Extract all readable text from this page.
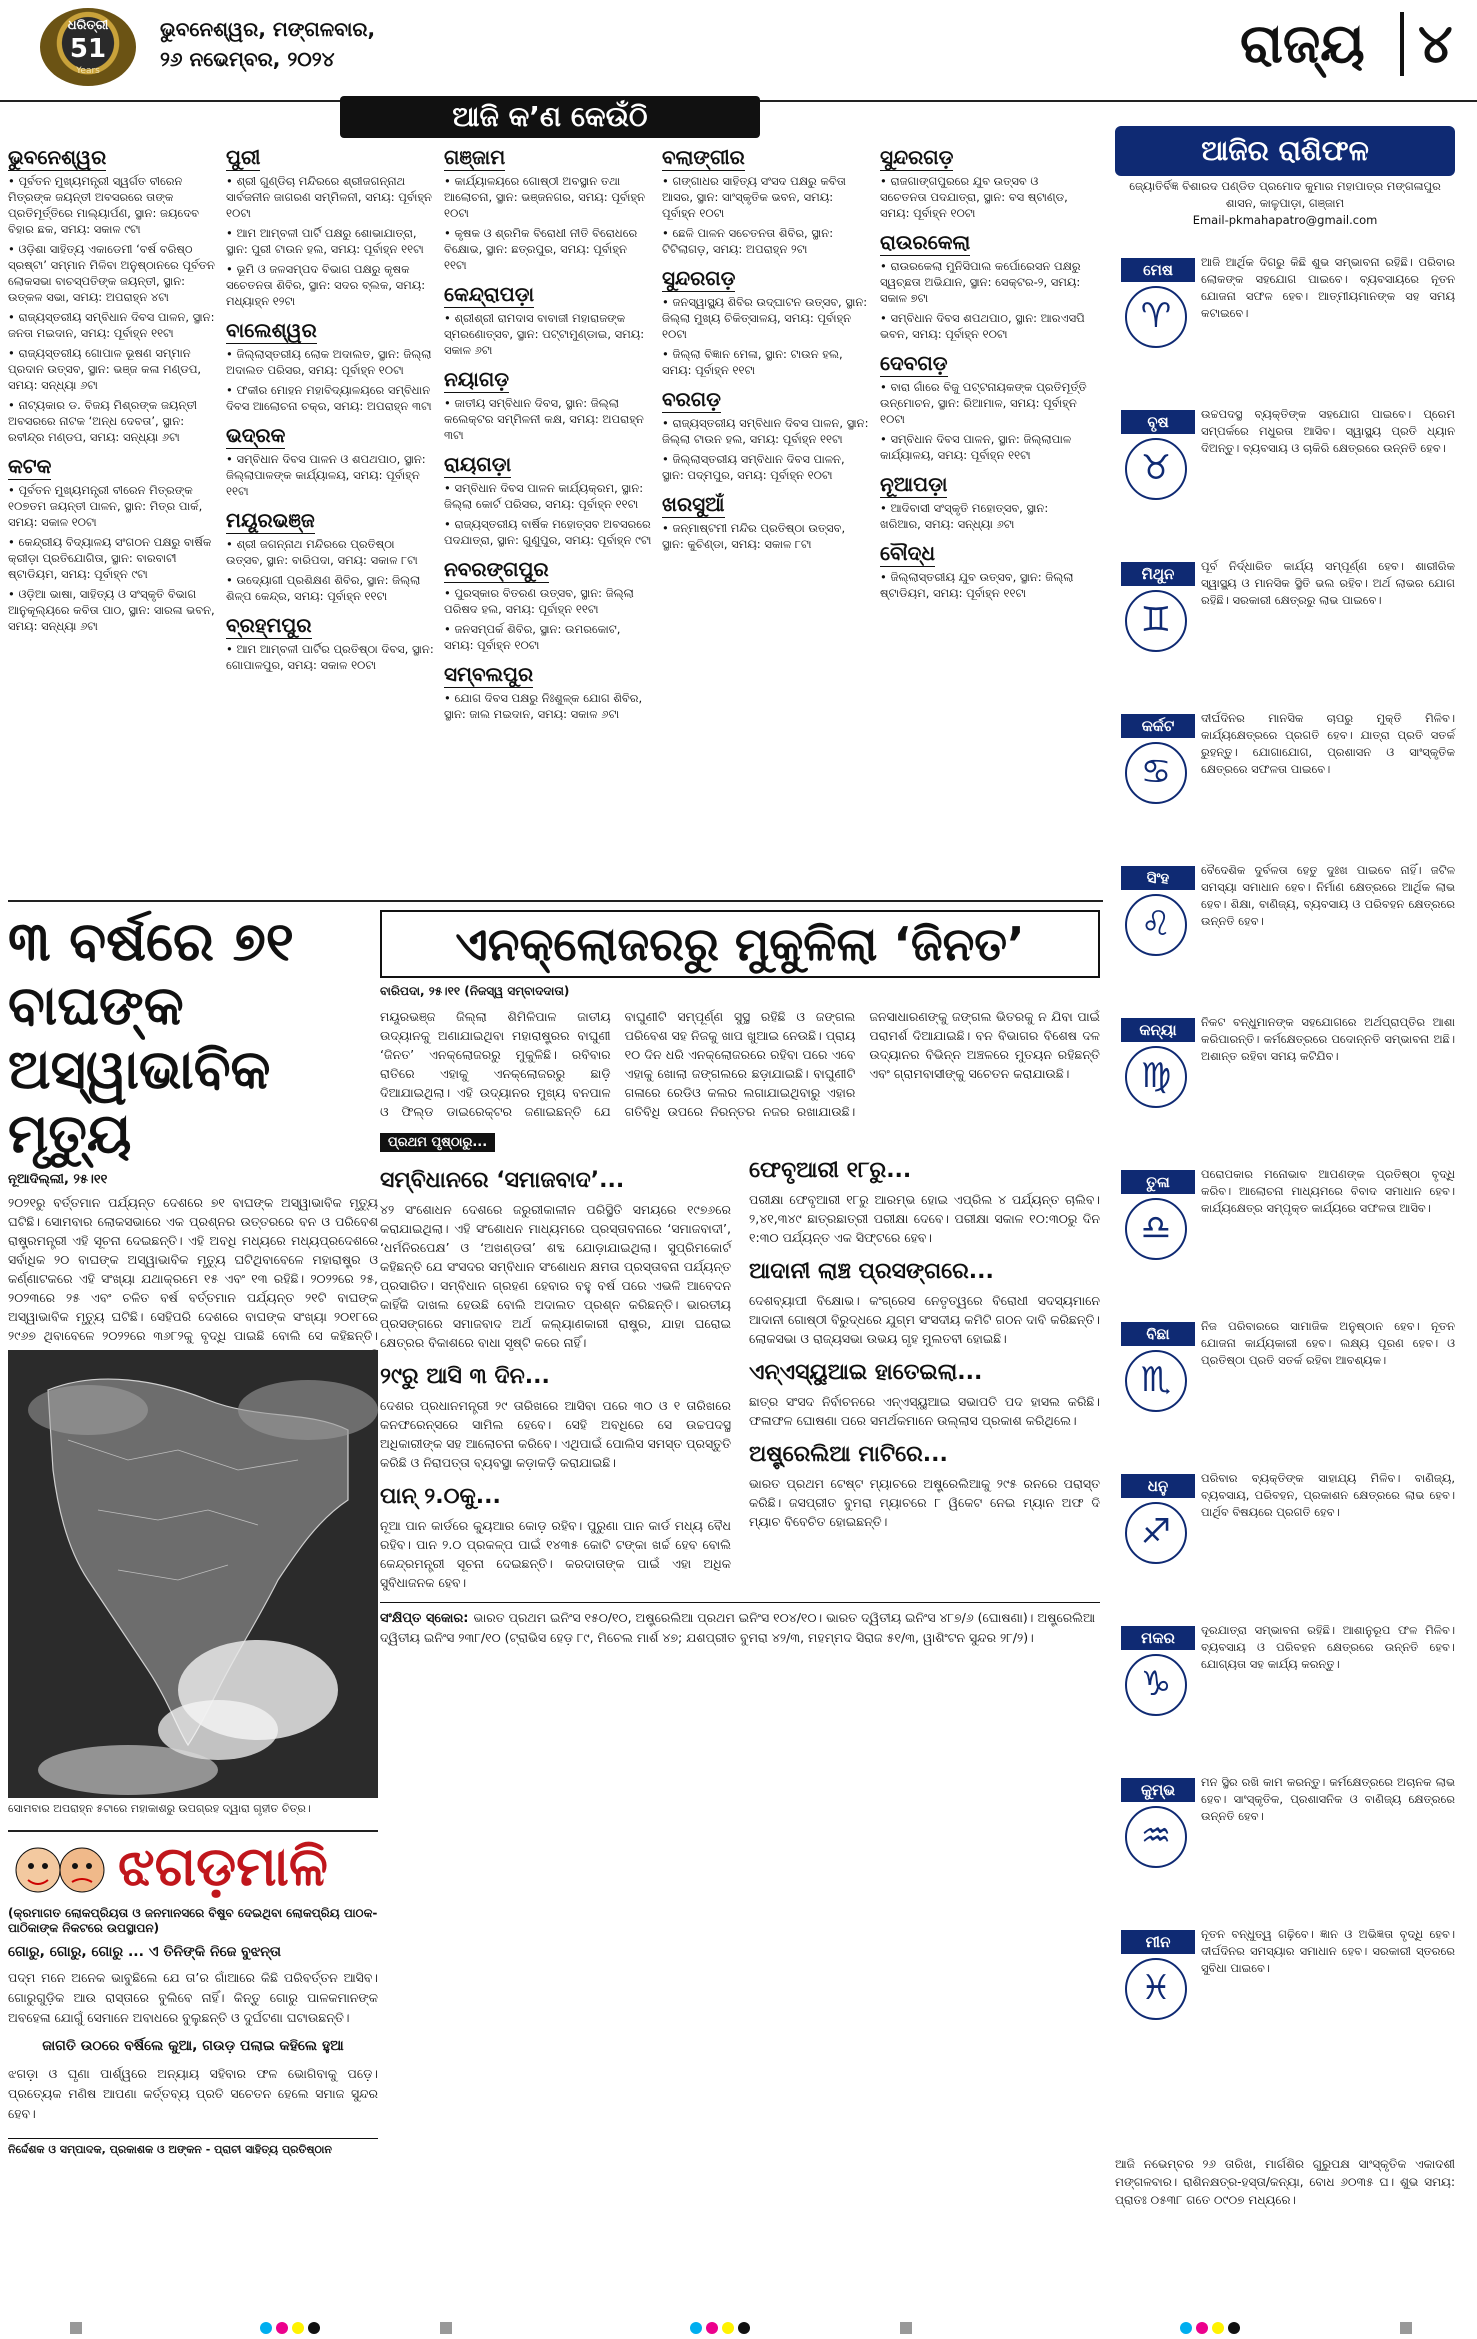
ଧରିତ୍ରୀ
51
Years
ଭୁବନେଶ୍ୱର, ମଙ୍ଗଳବାର,
୨୬ ନଭେମ୍ବର, ୨୦୨୪	ରାଜ୍ୟ ୪
ଆଜି କ’ଣ କେଉଁଠି
ଭୁବନେଶ୍ୱର
• ପୂର୍ବତନ ମୁଖ୍ୟମନ୍ତ୍ରୀ ସ୍ୱର୍ଗତ ବୀରେନ ମିତ୍ରଙ୍କ ଜୟନ୍ତୀ ଅବସରରେ ତାଙ୍କ ପ୍ରତିମୂର୍ତ୍ତିରେ ମାଲ୍ୟାର୍ପଣ, ସ୍ଥାନ: ଜୟଦେବ ବିହାର ଛକ, ସମୟ: ସକାଳ ୯ଟା
• ଓଡ଼ିଶା ସାହିତ୍ୟ ଏକାଡେମୀ ‘ବର୍ଷ ବରିଷ୍ଠ ସ୍ରଷ୍ଟା’ ସମ୍ମାନ ମିଳିବା ଅନୁଷ୍ଠାନରେ ପୂର୍ବତନ ଲୋକସଭା ବାଚସ୍ପତିଙ୍କ ଜୟନ୍ତୀ, ସ୍ଥାନ: ଉତ୍କଳ ସଭା, ସମୟ: ଅପରାହ୍ନ ୪ଟା
• ରାଜ୍ୟସ୍ତରୀୟ ସମ୍ବିଧାନ ଦିବସ ପାଳନ, ସ୍ଥାନ: ଜନତା ମଇଦାନ, ସମୟ: ପୂର୍ବାହ୍ନ ୧୧ଟା
• ରାଜ୍ୟସ୍ତରୀୟ ଗୋପାଳ ଭୂଷଣ ସମ୍ମାନ ପ୍ରଦାନ ଉତ୍ସବ, ସ୍ଥାନ: ଭଞ୍ଜ କଳା ମଣ୍ଡପ, ସମୟ: ସନ୍ଧ୍ୟା ୬ଟା
• ନାଟ୍ୟକାର ଡ. ବିଜୟ ମିଶ୍ରଙ୍କ ଜୟନ୍ତୀ ଅବସରରେ ନାଟକ ‘ଅନ୍ଧ ଦେବତା’, ସ୍ଥାନ: ରବୀନ୍ଦ୍ର ମଣ୍ଡପ, ସମୟ: ସନ୍ଧ୍ୟା ୬ଟା
କଟକ
• ପୂର୍ବତନ ମୁଖ୍ୟମନ୍ତ୍ରୀ ବୀରେନ ମିତ୍ରଙ୍କ ୧୦୭ତମ ଜୟନ୍ତୀ ପାଳନ, ସ୍ଥାନ: ମିତ୍ର ପାର୍କ, ସମୟ: ସକାଳ ୧୦ଟା
• କେନ୍ଦ୍ରୀୟ ବିଦ୍ୟାଳୟ ସଂଗଠନ ପକ୍ଷରୁ ବାର୍ଷିକ କ୍ରୀଡ଼ା ପ୍ରତିଯୋଗିତା, ସ୍ଥାନ: ବାରବାଟୀ ଷ୍ଟାଡିୟମ, ସମୟ: ପୂର୍ବାହ୍ନ ୯ଟା
• ଓଡ଼ିଆ ଭାଷା, ସାହିତ୍ୟ ଓ ସଂସ୍କୃତି ବିଭାଗ ଆନୁକୂଲ୍ୟରେ କବିତା ପାଠ, ସ୍ଥାନ: ସାରଳା ଭବନ, ସମୟ: ସନ୍ଧ୍ୟା ୬ଟା
ପୁରୀ
• ଶ୍ରୀ ଗୁଣ୍ଡିଚା ମନ୍ଦିରରେ ଶ୍ରୀଜଗନ୍ନାଥ ସାର୍ବଜନୀନ ଜାଗରଣ ସମ୍ମିଳନୀ, ସମୟ: ପୂର୍ବାହ୍ନ ୧୦ଟା
• ଆମ ଆମ୍ବଳୀ ପାର୍ଟି ପକ୍ଷରୁ ଶୋଭାଯାତ୍ରା, ସ୍ଥାନ: ପୁରୀ ଟାଉନ ହଲ, ସମୟ: ପୂର୍ବାହ୍ନ ୧୧ଟା
• ଭୂମି ଓ ଜଳସମ୍ପଦ ବିଭାଗ ପକ୍ଷରୁ କୃଷକ ସଚେତନତା ଶିବିର, ସ୍ଥାନ: ସଦର ବ୍ଲକ, ସମୟ: ମଧ୍ୟାହ୍ନ ୧୨ଟା
ବାଲେଶ୍ୱର
• ଜିଲ୍ଲାସ୍ତରୀୟ ଲୋକ ଅଦାଲତ, ସ୍ଥାନ: ଜିଲ୍ଲା ଅଦାଲତ ପରିସର, ସମୟ: ପୂର୍ବାହ୍ନ ୧୦ଟା
• ଫକୀର ମୋହନ ମହାବିଦ୍ୟାଳୟରେ ସମ୍ବିଧାନ ଦିବସ ଆଲୋଚନା ଚକ୍ର, ସମୟ: ଅପରାହ୍ନ ୩ଟା
ଭଦ୍ରକ
• ସମ୍ବିଧାନ ଦିବସ ପାଳନ ଓ ଶପଥପାଠ, ସ୍ଥାନ: ଜିଲ୍ଲାପାଳଙ୍କ କାର୍ଯ୍ୟାଳୟ, ସମୟ: ପୂର୍ବାହ୍ନ ୧୧ଟା
ମୟୂରଭଞ୍ଜ
• ଶ୍ରୀ ଜଗନ୍ନାଥ ମନ୍ଦିରରେ ପ୍ରତିଷ୍ଠା ଉତ୍ସବ, ସ୍ଥାନ: ବାରିପଦା, ସମୟ: ସକାଳ ୮ଟା
• ଉଦ୍ୟୋଗୀ ପ୍ରଶିକ୍ଷଣ ଶିବିର, ସ୍ଥାନ: ଜିଲ୍ଲା ଶିଳ୍ପ କେନ୍ଦ୍ର, ସମୟ: ପୂର୍ବାହ୍ନ ୧୧ଟା
ବ୍ରହ୍ମପୁର
• ଆମ ଆମ୍ବଳୀ ପାର୍ଟିର ପ୍ରତିଷ୍ଠା ଦିବସ, ସ୍ଥାନ: ଗୋପାଳପୁର, ସମୟ: ସକାଳ ୧୦ଟା
ଗଞ୍ଜାମ
• କାର୍ଯ୍ୟାଳୟରେ ଗୋଷ୍ଠୀ ଅବସ୍ଥାନ ତଥା ଆଲୋଚନା, ସ୍ଥାନ: ଭଞ୍ଜନଗର, ସମୟ: ପୂର୍ବାହ୍ନ ୧୦ଟା
• କୃଷକ ଓ ଶ୍ରମିକ ବିରୋଧୀ ନୀତି ବିରୋଧରେ ବିକ୍ଷୋଭ, ସ୍ଥାନ: ଛତ୍ରପୁର, ସମୟ: ପୂର୍ବାହ୍ନ ୧୧ଟା
କେନ୍ଦ୍ରାପଡ଼ା
• ଶ୍ରୀଶ୍ରୀ ରାମଦାସ ବାବାଜୀ ମହାରାଜଙ୍କ ସ୍ମରଣୋତ୍ସବ, ସ୍ଥାନ: ପଟ୍ଟାମୁଣ୍ଡାଇ, ସମୟ: ସକାଳ ୬ଟା
ନୟାଗଡ଼
• ଜାତୀୟ ସମ୍ବିଧାନ ଦିବସ, ସ୍ଥାନ: ଜିଲ୍ଲା କଲେକ୍ଟର ସମ୍ମିଳନୀ କକ୍ଷ, ସମୟ: ଅପରାହ୍ନ ୩ଟା
ରାୟଗଡ଼ା
• ସମ୍ବିଧାନ ଦିବସ ପାଳନ କାର୍ଯ୍ୟକ୍ରମ, ସ୍ଥାନ: ଜିଲ୍ଲା କୋର୍ଟ ପରିସର, ସମୟ: ପୂର୍ବାହ୍ନ ୧୧ଟା
• ରାଜ୍ୟସ୍ତରୀୟ ବାର୍ଷିକ ମହୋତ୍ସବ ଅବସରରେ ପଦଯାତ୍ରା, ସ୍ଥାନ: ଗୁଣୁପୁର, ସମୟ: ପୂର୍ବାହ୍ନ ୯ଟା
ନବରଙ୍ଗପୁର
• ପୁରସ୍କାର ବିତରଣ ଉତ୍ସବ, ସ୍ଥାନ: ଜିଲ୍ଲା ପରିଷଦ ହଲ, ସମୟ: ପୂର୍ବାହ୍ନ ୧୧ଟା
• ଜନସମ୍ପର୍କ ଶିବିର, ସ୍ଥାନ: ଉମରକୋଟ, ସମୟ: ପୂର୍ବାହ୍ନ ୧୦ଟା
ସମ୍ବଲପୁର
• ଯୋଗ ଦିବସ ପକ୍ଷରୁ ନିଃଶୁଳ୍କ ଯୋଗ ଶିବିର, ସ୍ଥାନ: ଜାଲ ମଇଦାନ, ସମୟ: ସକାଳ ୬ଟା
ବଲାଙ୍ଗୀର
• ଗଙ୍ଗାଧର ସାହିତ୍ୟ ସଂସଦ ପକ୍ଷରୁ କବିତା ଆସର, ସ୍ଥାନ: ସାଂସ୍କୃତିକ ଭବନ, ସମୟ: ପୂର୍ବାହ୍ନ ୧୦ଟା
• ଛେଳି ପାଳନ ସଚେତନତା ଶିବିର, ସ୍ଥାନ: ଟିଟିଲାଗଡ଼, ସମୟ: ଅପରାହ୍ନ ୨ଟା
ସୁନ୍ଦରଗଡ଼
• ଜନସ୍ୱାସ୍ଥ୍ୟ ଶିବିର ଉଦ୍‌ଘାଟନ ଉତ୍ସବ, ସ୍ଥାନ: ଜିଲ୍ଲା ମୁଖ୍ୟ ଚିକିତ୍ସାଳୟ, ସମୟ: ପୂର୍ବାହ୍ନ ୧୦ଟା
• ଜିଲ୍ଲା ବିଜ୍ଞାନ ମେଳା, ସ୍ଥାନ: ଟାଉନ ହଲ, ସମୟ: ପୂର୍ବାହ୍ନ ୧୧ଟା
ବରଗଡ଼
• ରାଜ୍ୟସ୍ତରୀୟ ସମ୍ବିଧାନ ଦିବସ ପାଳନ, ସ୍ଥାନ: ଜିଲ୍ଲା ଟାଉନ ହଲ, ସମୟ: ପୂର୍ବାହ୍ନ ୧୧ଟା
• ଜିଲ୍ଲାସ୍ତରୀୟ ସମ୍ବିଧାନ ଦିବସ ପାଳନ, ସ୍ଥାନ: ପଦ୍ମପୁର, ସମୟ: ପୂର୍ବାହ୍ନ ୧୦ଟା
ଖରସୁଆଁ
• ଜନ୍ମାଷ୍ଟମୀ ମନ୍ଦିର ପ୍ରତିଷ୍ଠା ଉତ୍ସବ, ସ୍ଥାନ: କୁଚିଣ୍ଡା, ସମୟ: ସକାଳ ୮ଟା
ସୁନ୍ଦରଗଡ଼
• ରାଜଗାଙ୍ଗପୁରରେ ଯୁବ ଉତ୍ସବ ଓ ସଚେତନତା ପଦଯାତ୍ରା, ସ୍ଥାନ: ବସ ଷ୍ଟାଣ୍ଡ, ସମୟ: ପୂର୍ବାହ୍ନ ୧୦ଟା
ରାଉରକେଲା
• ରାଉରକେଲା ମୁନିସିପାଲ କର୍ପୋରେସନ ପକ୍ଷରୁ ସ୍ୱଚ୍ଛତା ଅଭିଯାନ, ସ୍ଥାନ: ସେକ୍ଟର-୨, ସମୟ: ସକାଳ ୭ଟା
• ସମ୍ବିଧାନ ଦିବସ ଶପଥପାଠ, ସ୍ଥାନ: ଆରଏସପି ଭବନ, ସମୟ: ପୂର୍ବାହ୍ନ ୧୦ଟା
ଦେବଗଡ଼
• ବାରା ଗାଁରେ ବିଜୁ ପଟ୍ଟନାୟକଙ୍କ ପ୍ରତିମୂର୍ତ୍ତି ଉନ୍ମୋଚନ, ସ୍ଥାନ: ରିଆମାଳ, ସମୟ: ପୂର୍ବାହ୍ନ ୧୦ଟା
• ସମ୍ବିଧାନ ଦିବସ ପାଳନ, ସ୍ଥାନ: ଜିଲ୍ଲାପାଳ କାର୍ଯ୍ୟାଳୟ, ସମୟ: ପୂର୍ବାହ୍ନ ୧୧ଟା
ନୂଆପଡ଼ା
• ଆଦିବାସୀ ସଂସ୍କୃତି ମହୋତ୍ସବ, ସ୍ଥାନ: ଖରିଆର, ସମୟ: ସନ୍ଧ୍ୟା ୬ଟା
ବୌଦ୍ଧ
• ଜିଲ୍ଲାସ୍ତରୀୟ ଯୁବ ଉତ୍ସବ, ସ୍ଥାନ: ଜିଲ୍ଲା ଷ୍ଟାଡିୟମ, ସମୟ: ପୂର୍ବାହ୍ନ ୧୧ଟା
୩ ବର୍ଷରେ ୭୧ ବାଘଙ୍କ ଅସ୍ୱାଭାବିକ ମୃତ୍ୟୁ
ନୂଆଦିଲ୍ଲୀ, ୨୫।୧୧
୨୦୨୧ରୁ ବର୍ତ୍ତମାନ ପର୍ଯ୍ୟନ୍ତ ଦେଶରେ ୭୧ ବାଘଙ୍କ ଅସ୍ୱାଭାବିକ ମୃତ୍ୟୁ ଘଟିଛି। ସୋମବାର ଲୋକସଭାରେ ଏକ ପ୍ରଶ୍ନର ଉତ୍ତରରେ ବନ ଓ ପରିବେଶ ରାଷ୍ଟ୍ରମନ୍ତ୍ରୀ ଏହି ସୂଚନା ଦେଇଛନ୍ତି। ଏହି ଅବଧି ମଧ୍ୟରେ ମଧ୍ୟପ୍ରଦେଶରେ ସର୍ବାଧିକ ୨୦ ବାଘଙ୍କ ଅସ୍ୱାଭାବିକ ମୃତ୍ୟୁ ଘଟିଥିବାବେଳେ ମହାରାଷ୍ଟ୍ର ଓ କର୍ଣ୍ଣାଟକରେ ଏହି ସଂଖ୍ୟା ଯଥାକ୍ରମେ ୧୫ ଏବଂ ୧୩ ରହିଛି। ୨୦୨୨ରେ ୨୫, ୨୦୨୩ରେ ୨୫ ଏବଂ ଚଳିତ ବର୍ଷ ବର୍ତ୍ତମାନ ପର୍ଯ୍ୟନ୍ତ ୨୧ଟି ବାଘଙ୍କ ଅସ୍ୱାଭାବିକ ମୃତ୍ୟୁ ଘଟିଛି। ସେହିପରି ଦେଶରେ ବାଘଙ୍କ ସଂଖ୍ୟା ୨୦୧୮ରେ ୨୯୬୭ ଥିବାବେଳେ ୨୦୨୨ରେ ୩୬୮୨କୁ ବୃଦ୍ଧି ପାଇଛି ବୋଲି ସେ କହିଛନ୍ତି।
ସୋମବାର ଅପରାହ୍ନ ୫ଟାରେ ମହାକାଶରୁ ଉପଗ୍ରହ ଦ୍ୱାରା ଗୃହୀତ ଚିତ୍ର।
ଝଗଡ଼ମାଳି
(କ୍ରମାଗତ ଲୋକପ୍ରିୟତା ଓ ଜନମାନସରେ ବିଷୁବ ଦେଇଥିବା ଲୋକପ୍ରିୟ ପାଠକ-ପାଠିକାଙ୍କ ନିକଟରେ ଉପସ୍ଥାପନ)
ଗୋରୁ, ଗୋରୁ, ଗୋରୁ ... ଏ ତିନିଙ୍କି ନିଜେ ବୁଝନ୍ତା
ପଦ୍ମ ମନେ ଅନେକ ଭାବୁଛିଲେ ଯେ ତା’ର ଗାଁଆରେ କିଛି ପରିବର୍ତ୍ତନ ଆସିବ। ଗୋରୁଗୁଡ଼ିକ ଆଉ ରାସ୍ତାରେ ବୁଲିବେ ନାହିଁ। କିନ୍ତୁ ଗୋରୁ ପାଳକମାନଙ୍କ ଅବହେଳା ଯୋଗୁଁ ସେମାନେ ଅବାଧରେ ବୁଲୁଛନ୍ତି ଓ ଦୁର୍ଘଟଣା ଘଟାଉଛନ୍ତି।
ଜାଗତି ଉଠରେ ବର୍ଷିଲେ କୁଆ, ଗଉଡ଼ ପଲାଇ କହିଲେ ହୁଆ
ଝଗଡ଼ା ଓ ଘୃଣା ପାର୍ଶ୍ୱରେ ଅନ୍ୟାୟ ସହିବାର ଫଳ ଭୋଗିବାକୁ ପଡ଼େ। ପ୍ରତ୍ୟେକ ମଣିଷ ଆପଣା କର୍ତ୍ତବ୍ୟ ପ୍ରତି ସଚେତନ ହେଲେ ସମାଜ ସୁନ୍ଦର ହେବ।
ନିର୍ଦ୍ଦେଶକ ଓ ସମ୍ପାଦକ, ପ୍ରକାଶକ ଓ ଅଙ୍କନ - ପ୍ରାଚୀ ସାହିତ୍ୟ ପ୍ରତିଷ୍ଠାନ
ଏନକ୍ଲୋଜରରୁ ମୁକୁଳିଲା ‘ଜିନତ’
ବାରିପଦା, ୨୫।୧୧ (ନିଜସ୍ୱ ସମ୍ବାଦଦାତା)
ମୟୂରଭଞ୍ଜ ଜିଲ୍ଲା ଶିମିଳିପାଳ ଜାତୀୟ ଉଦ୍ୟାନକୁ ଅଣାଯାଇଥିବା ମହାରାଷ୍ଟ୍ରର ବାଘୁଣୀ ‘ଜିନତ’ ଏନକ୍ଲୋଜରରୁ ମୁକୁଳିଛି। ରବିବାର ରାତିରେ ଏହାକୁ ଏନକ୍ଲୋଜରରୁ ଛାଡ଼ି ଦିଆଯାଇଥିଲା। ଏହି ଉଦ୍ୟାନର ମୁଖ୍ୟ ବନପାଳ ଓ ଫିଲ୍ଡ ଡାଇରେକ୍ଟର ଜଣାଇଛନ୍ତି ଯେ ବାଘୁଣୀଟି ସମ୍ପୂର୍ଣ୍ଣ ସୁସ୍ଥ ରହିଛି ଓ ଜଙ୍ଗଲ ପରିବେଶ ସହ ନିଜକୁ ଖାପ ଖୁଆଇ ନେଉଛି। ପ୍ରାୟ ୧୦ ଦିନ ଧରି ଏନକ୍ଲୋଜରରେ ରହିବା ପରେ ଏବେ ଏହାକୁ ଖୋଲା ଜଙ୍ଗଲରେ ଛଡ଼ାଯାଇଛି। ବାଘୁଣୀଟି ଗଳାରେ ରେଡିଓ କଲର ଲଗାଯାଇଥିବାରୁ ଏହାର ଗତିବିଧି ଉପରେ ନିରନ୍ତର ନଜର ରଖାଯାଉଛି। ଜନସାଧାରଣଙ୍କୁ ଜଙ୍ଗଲ ଭିତରକୁ ନ ଯିବା ପାଇଁ ପରାମର୍ଶ ଦିଆଯାଇଛି। ବନ ବିଭାଗର ବିଶେଷ ଦଳ ଉଦ୍ୟାନର ବିଭିନ୍ନ ଅଞ୍ଚଳରେ ମୁତୟନ ରହିଛନ୍ତି ଏବଂ ଗ୍ରାମବାସୀଙ୍କୁ ସଚେତନ କରାଯାଉଛି।
ପ୍ରଥମ ପୃଷ୍ଠାରୁ...
ସମ୍ବିଧାନରେ ‘ସମାଜବାଦ’...
୪୨ ସଂଶୋଧନ ଦେଶରେ ଜରୁରୀକାଳୀନ ପରିସ୍ଥିତି ସମୟରେ ୧୯୭୬ରେ କରାଯାଇଥିଲା। ଏହି ସଂଶୋଧନ ମାଧ୍ୟମରେ ପ୍ରସ୍ତାବନାରେ ‘ସମାଜବାଦୀ’, ‘ଧର୍ମନିରପେକ୍ଷ’ ଓ ‘ଅଖଣ୍ଡତା’ ଶବ୍ଦ ଯୋଡ଼ାଯାଇଥିଲା। ସୁପ୍ରିମକୋର୍ଟ କହିଛନ୍ତି ଯେ ସଂସଦର ସମ୍ବିଧାନ ସଂଶୋଧନ କ୍ଷମତା ପ୍ରସ୍ତାବନା ପର୍ଯ୍ୟନ୍ତ ପ୍ରସାରିତ। ସମ୍ବିଧାନ ଗ୍ରହଣ ହେବାର ବହୁ ବର୍ଷ ପରେ ଏଭଳି ଆବେଦନ କାହିଁକି ଦାଖଲ ହେଉଛି ବୋଲି ଅଦାଲତ ପ୍ରଶ୍ନ କରିଛନ୍ତି। ଭାରତୀୟ ପ୍ରସଙ୍ଗରେ ସମାଜବାଦ ଅର୍ଥ କଲ୍ୟାଣକାରୀ ରାଷ୍ଟ୍ର, ଯାହା ଘରୋଇ କ୍ଷେତ୍ରର ବିକାଶରେ ବାଧା ସୃଷ୍ଟି କରେ ନାହିଁ।
୨୯ରୁ ଆସି ୩ ଦିନ...
ଦେଶର ପ୍ରଧାନମନ୍ତ୍ରୀ ୨୯ ତାରିଖରେ ଆସିବା ପରେ ୩୦ ଓ ୧ ତାରିଖରେ କନଫରେନ୍ସରେ ସାମିଲ ହେବେ। ସେହି ଅବଧିରେ ସେ ଉଚ୍ଚପଦସ୍ଥ ଅଧିକାରୀଙ୍କ ସହ ଆଲୋଚନା କରିବେ। ଏଥିପାଇଁ ପୋଲିସ ସମସ୍ତ ପ୍ରସ୍ତୁତି କରିଛି ଓ ନିରାପତ୍ତା ବ୍ୟବସ୍ଥା କଡ଼ାକଡ଼ି କରାଯାଇଛି।
ପାନ୍ ୨.୦କୁ...
ନୂଆ ପାନ କାର୍ଡରେ କ୍ୟୁଆର କୋଡ଼ ରହିବ। ପୁରୁଣା ପାନ କାର୍ଡ ମଧ୍ୟ ବୈଧ ରହିବ। ପାନ ୨.୦ ପ୍ରକଳ୍ପ ପାଇଁ ୧୪୩୫ କୋଟି ଟଙ୍କା ଖର୍ଚ୍ଚ ହେବ ବୋଲି କେନ୍ଦ୍ରମନ୍ତ୍ରୀ ସୂଚନା ଦେଇଛନ୍ତି। କରଦାତାଙ୍କ ପାଇଁ ଏହା ଅଧିକ ସୁବିଧାଜନକ ହେବ।
ଫେବୃଆରୀ ୧୮ରୁ...
ପରୀକ୍ଷା ଫେବୃଆରୀ ୧୮ରୁ ଆରମ୍ଭ ହୋଇ ଏପ୍ରିଲ ୪ ପର୍ଯ୍ୟନ୍ତ ଚାଲିବ। ୨,୪୧,୩୪୯ ଛାତ୍ରଛାତ୍ରୀ ପରୀକ୍ଷା ଦେବେ। ପରୀକ୍ଷା ସକାଳ ୧୦:୩୦ରୁ ଦିନ ୧:୩୦ ପର୍ଯ୍ୟନ୍ତ ଏକ ସିଫ୍ଟରେ ହେବ।
ଆଦାନୀ ଲାଞ୍ଚ ପ୍ରସଙ୍ଗରେ...
ଦେଶବ୍ୟାପୀ ବିକ୍ଷୋଭ। କଂଗ୍ରେସ ନେତୃତ୍ୱରେ ବିରୋଧୀ ସଦସ୍ୟମାନେ ଆଦାନୀ ଗୋଷ୍ଠୀ ବିରୁଦ୍ଧରେ ଯୁଗ୍ମ ସଂସଦୀୟ କମିଟି ଗଠନ ଦାବି କରିଛନ୍ତି। ଲୋକସଭା ଓ ରାଜ୍ୟସଭା ଉଭୟ ଗୃହ ମୁଲତବୀ ହୋଇଛି।
ଏନ୍‌ଏସ୍‌ୟୁଆଇ ହାତେଇଲା...
ଛାତ୍ର ସଂସଦ ନିର୍ବାଚନରେ ଏନ୍‌ଏସ୍‌ୟୁଆଇ ସଭାପତି ପଦ ହାସଲ କରିଛି। ଫଳାଫଳ ଘୋଷଣା ପରେ ସମର୍ଥକମାନେ ଉଲ୍ଲାସ ପ୍ରକାଶ କରିଥିଲେ।
ଅଷ୍ଟ୍ରେଲିଆ ମାଟିରେ...
ଭାରତ ପ୍ରଥମ ଟେଷ୍ଟ ମ୍ୟାଚରେ ଅଷ୍ଟ୍ରେଲିଆକୁ ୨୯୫ ରନରେ ପରାସ୍ତ କରିଛି। ଜସପ୍ରୀତ ବୁମରା ମ୍ୟାଚରେ ୮ ୱିକେଟ ନେଇ ମ୍ୟାନ ଅଫ ଦି ମ୍ୟାଚ ବିବେଚିତ ହୋଇଛନ୍ତି।
ସଂକ୍ଷିପ୍ତ ସ୍କୋର: ଭାରତ ପ୍ରଥମ ଇନିଂସ ୧୫୦/୧୦, ଅଷ୍ଟ୍ରେଲିଆ ପ୍ରଥମ ଇନିଂସ ୧୦୪/୧୦। ଭାରତ ଦ୍ୱିତୀୟ ଇନିଂସ ୪୮୭/୬ (ଘୋଷଣା)। ଅଷ୍ଟ୍ରେଲିଆ ଦ୍ୱିତୀୟ ଇନିଂସ ୨୩୮/୧୦ (ଟ୍ରାଭିସ ହେଡ଼ ୮୯, ମିଚେଲ ମାର୍ଶ ୪୭; ଯଶପ୍ରୀତ ବୁମରା ୪୨/୩, ମହମ୍ମଦ ସିରାଜ ୫୧/୩, ୱାଶିଂଟନ ସୁନ୍ଦର ୨୮/୨)।
ଆଜିର ରାଶିଫଳ
ଜ୍ୟୋତିର୍ବିଜ୍ଞ ବିଶାରଦ ପଣ୍ଡିତ ପ୍ରମୋଦ କୁମାର ମହାପାତ୍ର ମଙ୍ଗଳାପୁର ଶାସନ, କାଳୁପାଡ଼ା, ଗଞ୍ଜାମ
Email-pkmahapatro@gmail.com
ମେଷ
♈
ଆଜି ଆର୍ଥିକ ଦିଗରୁ କିଛି ଶୁଭ ସମ୍ଭାବନା ରହିଛି। ପରିବାର ଲୋକଙ୍କ ସହଯୋଗ ପାଇବେ। ବ୍ୟବସାୟରେ ନୂତନ ଯୋଜନା ସଫଳ ହେବ। ଆତ୍ମୀୟମାନଙ୍କ ସହ ସମୟ କଟାଇବେ।
ବୃଷ
♉
ଉଚ୍ଚପଦସ୍ଥ ବ୍ୟକ୍ତିଙ୍କ ସହଯୋଗ ପାଇବେ। ପ୍ରେମ ସମ୍ପର୍କରେ ମଧୁରତା ଆସିବ। ସ୍ୱାସ୍ଥ୍ୟ ପ୍ରତି ଧ୍ୟାନ ଦିଅନ୍ତୁ। ବ୍ୟବସାୟ ଓ ଚାକିରି କ୍ଷେତ୍ରରେ ଉନ୍ନତି ହେବ।
ମିଥୁନ
♊
ପୂର୍ବ ନିର୍ଦ୍ଧାରିତ କାର୍ଯ୍ୟ ସମ୍ପୂର୍ଣ୍ଣ ହେବ। ଶାରୀରିକ ସ୍ୱାସ୍ଥ୍ୟ ଓ ମାନସିକ ସ୍ଥିତି ଭଲ ରହିବ। ଅର୍ଥ ଲାଭର ଯୋଗ ରହିଛି। ସରକାରୀ କ୍ଷେତ୍ରରୁ ଲାଭ ପାଇବେ।
କର୍କଟ
♋
ଦୀର୍ଘଦିନର ମାନସିକ ଚାପରୁ ମୁକ୍ତି ମିଳିବ। କାର୍ଯ୍ୟକ୍ଷେତ୍ରରେ ପ୍ରଗତି ହେବ। ଯାତ୍ରା ପ୍ରତି ସତର୍କ ରୁହନ୍ତୁ। ଯୋଗାଯୋଗ, ପ୍ରଶାସନ ଓ ସାଂସ୍କୃତିକ କ୍ଷେତ୍ରରେ ସଫଳତା ପାଇବେ।
ସିଂହ
♌
ବୈଦେଶିକ ଦୁର୍ବଳତା ହେତୁ ଦୁଃଖ ପାଇବେ ନାହିଁ। ଜଟିଳ ସମସ୍ୟା ସମାଧାନ ହେବ। ନିର୍ମାଣ କ୍ଷେତ୍ରରେ ଆର୍ଥିକ ଲାଭ ହେବ। ଶିକ୍ଷା, ବାଣିଜ୍ୟ, ବ୍ୟବସାୟ ଓ ପରିବହନ କ୍ଷେତ୍ରରେ ଉନ୍ନତି ହେବ।
କନ୍ୟା
♍
ନିକଟ ବନ୍ଧୁମାନଙ୍କ ସହଯୋଗରେ ଅର୍ଥପ୍ରାପ୍ତିର ଆଶା କରିପାରନ୍ତି। କର୍ମକ୍ଷେତ୍ରରେ ପଦୋନ୍ନତି ସମ୍ଭାବନା ଅଛି। ଅଶାନ୍ତ ରହିବା ସମୟ କଟିଯିବ।
ତୁଳା
♎
ପରୋପକାର ମନୋଭାବ ଆପଣଙ୍କ ପ୍ରତିଷ୍ଠା ବୃଦ୍ଧି କରିବ। ଆଲୋଚନା ମାଧ୍ୟମରେ ବିବାଦ ସମାଧାନ ହେବ। କାର୍ଯ୍ୟକ୍ଷେତ୍ର ସମ୍ପୃକ୍ତ କାର୍ଯ୍ୟରେ ସଫଳତା ଆସିବ।
ବିଛା
♏
ନିଜ ପରିବାରରେ ସାମାଜିକ ଅନୁଷ୍ଠାନ ହେବ। ନୂତନ ଯୋଜନା କାର୍ଯ୍ୟକାରୀ ହେବ। ଲକ୍ଷ୍ୟ ପୂରଣ ହେବ। ଓ ପ୍ରତିଷ୍ଠା ପ୍ରତି ସତର୍କ ରହିବା ଆବଶ୍ୟକ।
ଧନୁ
♐
ପରିବାର ବ୍ୟକ୍ତିଙ୍କ ସାହାଯ୍ୟ ମିଳିବ। ବାଣିଜ୍ୟ, ବ୍ୟବସାୟ, ପରିବହନ, ପ୍ରକାଶନ କ୍ଷେତ୍ରରେ ଲାଭ ହେବ। ପାର୍ଥିବ ବିଷୟରେ ପ୍ରଗତି ହେବ।
ମକର
♑
ଦୂରଯାତ୍ରା ସମ୍ଭାବନା ରହିଛି। ଆଶାନୁରୂପ ଫଳ ମିଳିବ। ବ୍ୟବସାୟ ଓ ପରିବହନ କ୍ଷେତ୍ରରେ ଉନ୍ନତି ହେବ। ଯୋଗ୍ୟତା ସହ କାର୍ଯ୍ୟ କରନ୍ତୁ।
କୁମ୍ଭ
♒
ମନ ସ୍ଥିର ରଖି କାମ କରନ୍ତୁ। କର୍ମକ୍ଷେତ୍ରରେ ଅଚାନକ ଲାଭ ହେବ। ସାଂସ୍କୃତିକ, ପ୍ରଶାସନିକ ଓ ବାଣିଜ୍ୟ କ୍ଷେତ୍ରରେ ଉନ୍ନତି ହେବ।
ମୀନ
♓
ନୂତନ ବନ୍ଧୁତ୍ୱ ଗଢ଼ିବେ। ଜ୍ଞାନ ଓ ଅଭିଜ୍ଞତା ବୃଦ୍ଧି ହେବ। ଦୀର୍ଘଦିନର ସମସ୍ୟାର ସମାଧାନ ହେବ। ସରକାରୀ ସ୍ତରରେ ସୁବିଧା ପାଇବେ।
ଆଜି ନଭେମ୍ବର ୨୬ ତାରିଖ, ମାର୍ଗଶିର ଗୁରୁପକ୍ଷ ସାଂସ୍କୃତିକ ଏକାଦଶୀ ମଙ୍ଗଳବାର। ରାଶିନକ୍ଷତ୍ର-ହସ୍ତା/କନ୍ୟା, ବୋଧ ୬୦୩୫ ଘ। ଶୁଭ ସମୟ: ପ୍ରାତଃ ୦୫୩୮ ଗତେ ୦୯୦୭ ମଧ୍ୟରେ।
